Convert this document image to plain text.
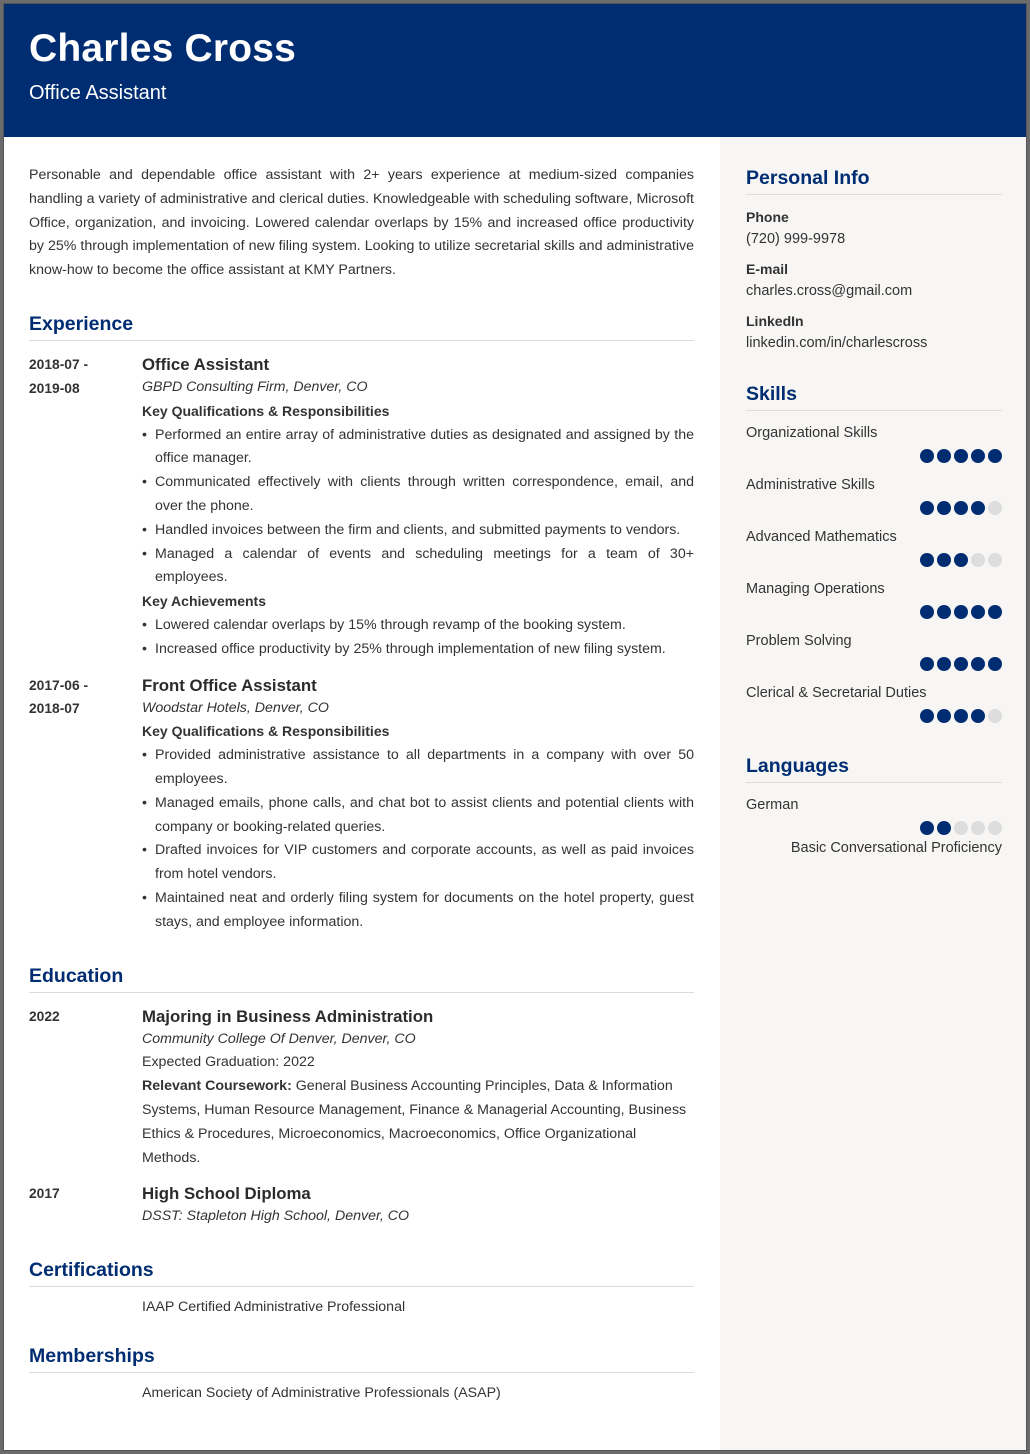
Charles Cross
Office Assistant

Personable and dependable office assistant with 2+ years experience at medium-sized companies handling a variety of administrative and clerical duties. Knowledgeable with scheduling software, Microsoft Office, organization, and invoicing. Lowered calendar overlaps by 15% and increased office productivity by 25% through implementation of new filing system. Looking to utilize secretarial skills and administrative know-how to become the office assistant at KMY Partners.

Experience
2018-07 -
2019-08
Office Assistant
GBPD Consulting Firm, Denver, CO
Key Qualifications & Responsibilities
• Performed an entire array of administrative duties as designated and assigned by the office manager.
• Communicated effectively with clients through written correspondence, email, and over the phone.
• Handled invoices between the firm and clients, and submitted payments to vendors.
• Managed a calendar of events and scheduling meetings for a team of 30+ employees.
Key Achievements
• Lowered calendar overlaps by 15% through revamp of the booking system.
• Increased office productivity by 25% through implementation of new filing system.
2017-06 -
2018-07
Front Office Assistant
Woodstar Hotels, Denver, CO
Key Qualifications & Responsibilities
• Provided administrative assistance to all departments in a company with over 50 employees.
• Managed emails, phone calls, and chat bot to assist clients and potential clients with company or booking-related queries.
• Drafted invoices for VIP customers and corporate accounts, as well as paid invoices from hotel vendors.
• Maintained neat and orderly filing system for documents on the hotel property, guest stays, and employee information.
Education
2022	Majoring in Business Administration
Community College Of Denver, Denver, CO
Expected Graduation: 2022
Relevant Coursework: General Business Accounting Principles, Data & Information Systems, Human Resource Management, Finance & Managerial Accounting, Business Ethics & Procedures, Microeconomics, Macroeconomics, Office Organizational Methods.
2017	High School Diploma
DSST: Stapleton High School, Denver, CO
Certifications
IAAP Certified Administrative Professional
Memberships
American Society of Administrative Professionals (ASAP)
Personal Info
Phone
(720) 999-9978
E-mail
charles.cross@gmail.com
LinkedIn
linkedin.com/in/charlescross
Skills
Organizational Skills
Administrative Skills
Advanced Mathematics
Managing Operations
Problem Solving
Clerical & Secretarial Duties
Languages
German
Basic Conversational Proficiency
